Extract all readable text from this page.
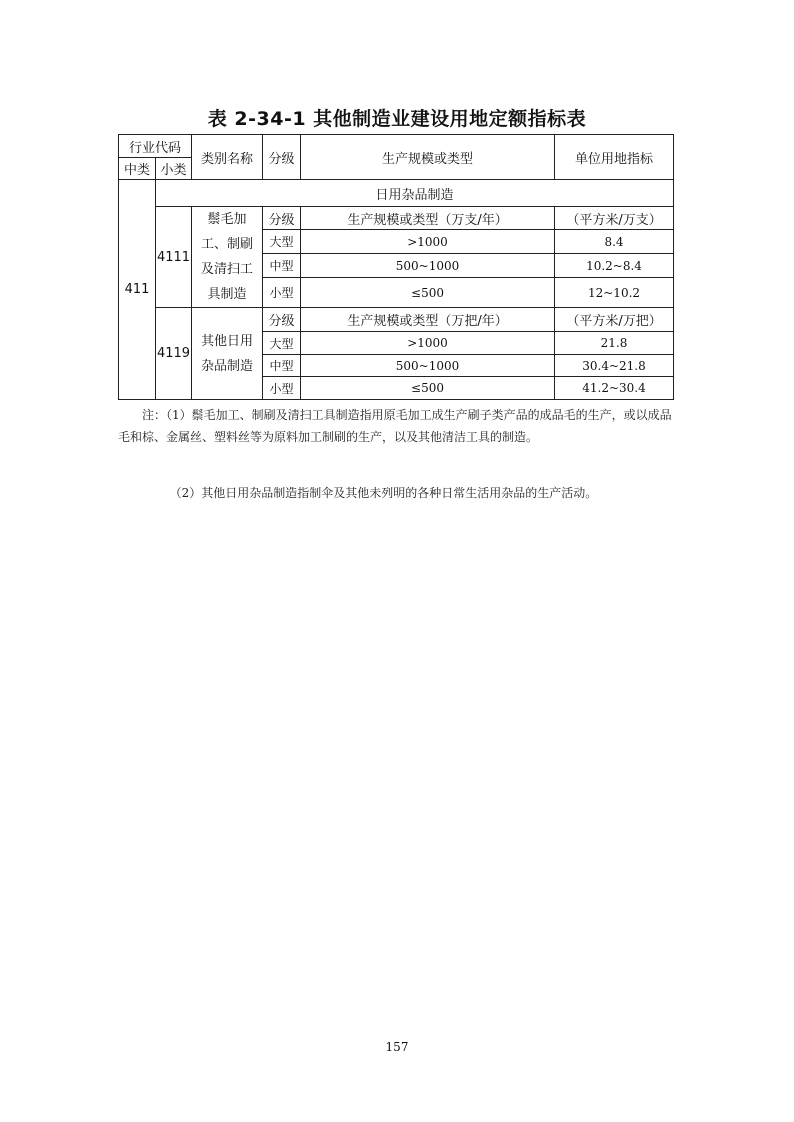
表 2-34-1 其他制造业建设用地定额指标表
行业代码		类别名称	分级	生产规模或类型	单位用地指标
中类	小类				
411	日用杂品制造				
	4111	鬃毛加工、制刷及清扫工具制造	分级	生产规模或类型（万支/年）	（平方米/万支）
			大型	>1000	8.4
			中型	500~1000	10.2~8.4
			小型	≤500	12~10.2
	4119	其他日用杂品制造	分级	生产规模或类型（万把/年）	（平方米/万把）
			大型	>1000	21.8
			中型	500~1000	30.4~21.8
			小型	≤500	41.2~30.4
注：（1）鬃毛加工、制刷及清扫工具制造指用原毛加工成生产刷子类产品的成品毛的生产，或以成品毛和棕、金属丝、塑料丝等为原料加工制刷的生产，以及其他清洁工具的制造。
（2）其他日用杂品制造指制伞及其他未列明的各种日常生活用杂品的生产活动。
157
